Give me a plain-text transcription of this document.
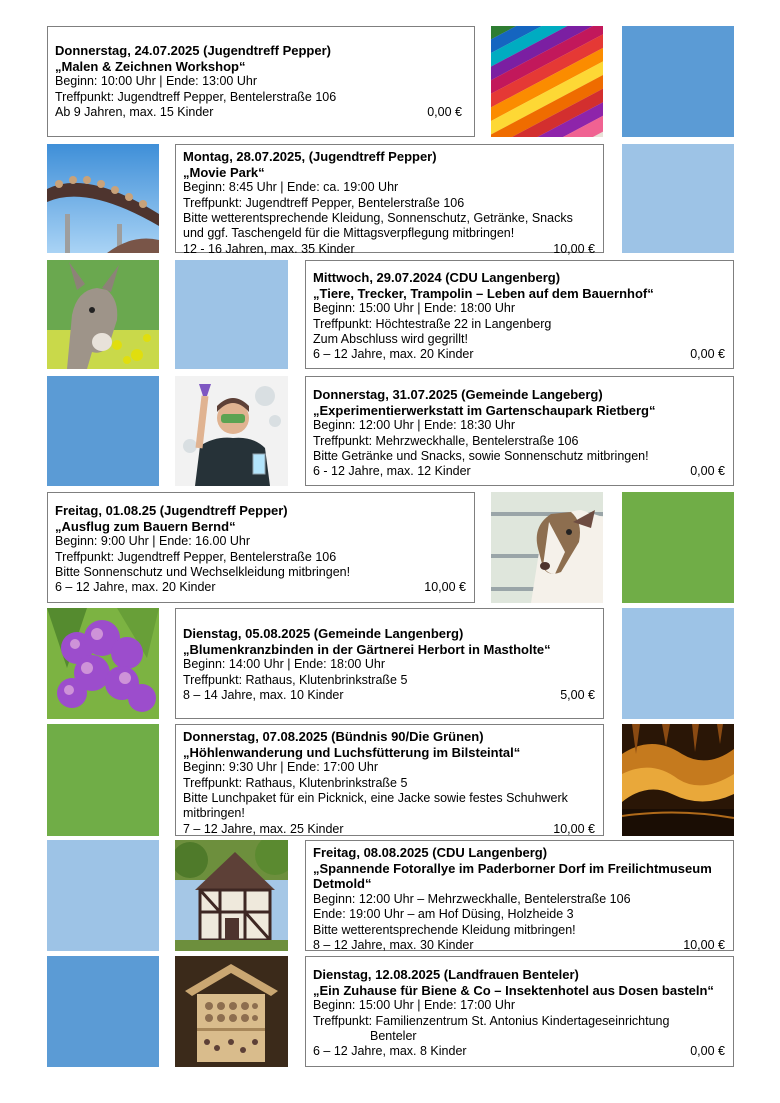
Donnerstag, 24.07.2025 (Jugendtreff Pepper)
„Malen & Zeichnen Workshop“
Beginn: 10:00 Uhr | Ende: 13:00 Uhr
Treffpunkt: Jugendtreff Pepper, Bentelerstraße 106
Ab 9 Jahren, max. 15 Kinder	0,00 €
Montag, 28.07.2025, (Jugendtreff Pepper)
„Movie Park“
Beginn: 8:45 Uhr | Ende: ca. 19:00 Uhr
Treffpunkt: Jugendtreff Pepper, Bentelerstraße 106
Bitte wetterentsprechende Kleidung, Sonnenschutz, Getränke, Snacks
und ggf. Taschengeld für die Mittagsverpflegung mitbringen!
12 - 16 Jahren, max. 35 Kinder	10,00 €
Mittwoch, 29.07.2024 (CDU Langenberg)
„Tiere, Trecker, Trampolin – Leben auf dem Bauernhof“
Beginn: 15:00 Uhr | Ende: 18:00 Uhr
Treffpunkt: Höchtestraße 22 in Langenberg
Zum Abschluss wird gegrillt!
6 – 12 Jahre, max. 20 Kinder	0,00 €
Donnerstag, 31.07.2025 (Gemeinde Langeberg)
„Experimentierwerkstatt im Gartenschaupark Rietberg“
Beginn: 12:00 Uhr | Ende: 18:30 Uhr
Treffpunkt: Mehrzweckhalle, Bentelerstraße 106
Bitte Getränke und Snacks, sowie Sonnenschutz mitbringen!
6 - 12 Jahre, max. 12 Kinder	0,00 €
Freitag, 01.08.25 (Jugendtreff Pepper)
„Ausflug zum Bauern Bernd“
Beginn: 9:00 Uhr | Ende: 16.00 Uhr
Treffpunkt: Jugendtreff Pepper, Bentelerstraße 106
Bitte Sonnenschutz und Wechselkleidung mitbringen!
6 – 12 Jahre, max. 20 Kinder	10,00 €
Dienstag, 05.08.2025 (Gemeinde Langenberg)
„Blumenkranzbinden in der Gärtnerei Herbort in Mastholte“
Beginn: 14:00 Uhr | Ende: 18:00 Uhr
Treffpunkt: Rathaus, Klutenbrinkstraße 5
8 – 14 Jahre, max. 10 Kinder	5,00 €
Donnerstag, 07.08.2025 (Bündnis 90/Die Grünen)
„Höhlenwanderung und Luchsfütterung im Bilsteintal“
Beginn: 9:30 Uhr | Ende: 17:00 Uhr
Treffpunkt: Rathaus, Klutenbrinkstraße 5
Bitte Lunchpaket für ein Picknick, eine Jacke sowie festes Schuhwerk
mitbringen!
7 – 12 Jahre, max. 25 Kinder	10,00 €
Freitag, 08.08.2025 (CDU Langenberg)
„Spannende Fotorallye im Paderborner Dorf im Freilichtmuseum Detmold“
Beginn: 12:00 Uhr – Mehrzweckhalle, Bentelerstraße 106
Ende: 19:00 Uhr – am Hof Düsing, Holzheide 3
Bitte wetterentsprechende Kleidung mitbringen!
8 – 12 Jahre, max. 30 Kinder	10,00 €
Dienstag, 12.08.2025 (Landfrauen Benteler)
„Ein Zuhause für Biene & Co – Insektenhotel aus Dosen basteln“
Beginn: 15:00 Uhr | Ende: 17:00 Uhr
Treffpunkt: Familienzentrum St. Antonius Kindertageseinrichtung
Benteler
6 – 12 Jahre, max. 8 Kinder	0,00 €
